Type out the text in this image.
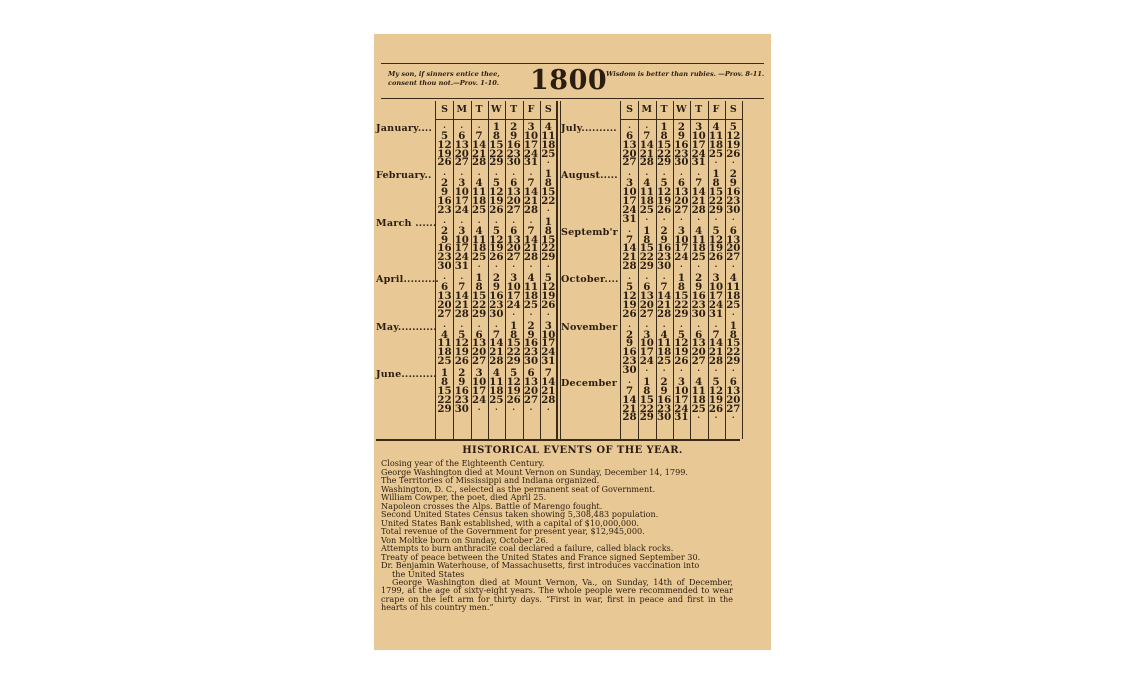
My son, if sinners entice thee, consent thou not.—Prov. 1-10.	1800
Wisdom is better than rubies. —Prov. 8-11.
S M T W T	F	S
·	·	·	1	2	3	4
5	6	7	8	9 10 11
12 13 14 15 16 17 18
19 20 21 22 23 24 25
26 27 28 29 30 31	·
·	·	·	·	·	·	1
2	3	4	5	6	7	8
9 10 11 12 13 14 15
16 17 18 19 20 21 22
23 24 25 26 27 28	·
·	·	·	·	·	·	1
2	3	4	5	6	7	8
9 10 11 12 13 14 15
16 17 18 19 20 21 22
23 24 25 26 27 28 29
30 31	·	·	·	·	·
·	·	1	2	3	4	5
6	7	8	9 10 11 12
13 14 15 16 17 18 19
20 21 22 23 24 25 26
27 28 29 30	·	·	·
·	·	·	·	1	2	3
4	5	6	7	8	9 10
11 12 13 14 15 16 17
18 19 20 21 22 23 24
25 26 27 28 29 30 31
1	2	3	4	5	6	7
8	9 10 11 12 13 14
15 16 17 18 19 20 21
22 23 24 25 26 27 28
29 30	·	·	·	·	·
January....
February..
March ......
April..........
May...........
June..........
S M T W T	F	S
·	·	1	2	3	4	5
6	7	8	9 10 11 12
13 14 15 16 17 18 19
20 21 22 23 24 25 26
27 28 29 30 31	·	·
·	·	·	·	·	1	2
3	4	5	6	7	8	9
10 11 12 13 14 15 16
17 18 19 20 21 22 23
24 25 26 27 28 29 30
31	·	·	·	·	·	·
·	1	2	3	4	5	6
7	8	9 10 11 12 13
14 15 16 17 18 19 20
21 22 23 24 25 26 27
28 29 30	·	·	·	·
·	·	·	1	2	3	4
5	6	7	8	9 10 11
12 13 14 15 16 17 18
19 20 21 22 23 24 25
26 27 28 29 30 31	·
·	·	·	·	·	·	1
2	3	4	5	6	7	8
9 10 11 12 13 14 15
16 17 18 19 20 21 22
23 24 25 26 27 28 29
30	·	·	·	·	·	·
·	1	2	3	4	5	6
7	8	9 10 11 12 13
14 15 16 17 18 19 20
21 22 23 24 25 26 27
28 29 30 31	·	·	·
July..........
August.....
Septemb'r
October....
November
December
HISTORICAL EVENTS OF THE YEAR.
Closing year of the Eighteenth Century.
George Washington died at Mount Vernon on Sunday, December 14, 1799.
The Territories of Mississippi and Indiana organized.
Washington, D. C., selected as the permanent seat of Government.
William Cowper, the poet, died April 25.
Napoleon crosses the Alps. Battle of Marengo fought.
Second United States Census taken showing 5,308,483 population.
United States Bank established, with a capital of $10,000,000.
Total revenue of the Government for present year, $12,945,000.
Von Moltke born on Sunday, October 26.
Attempts to burn anthracite coal declared a failure, called black rocks.
Treaty of peace between the United States and France signed September 30.
Dr. Benjamin Waterhouse, of Massachusetts, first introduces vaccination into
the United States
George Washington died at Mount Vernon, Va., on Sunday, 14th of December, 1799, at the age of sixty-eight years. The whole people were recommended to wear crape on the left arm for thirty days. “First in war, first in peace and first in the hearts of his country men.”
